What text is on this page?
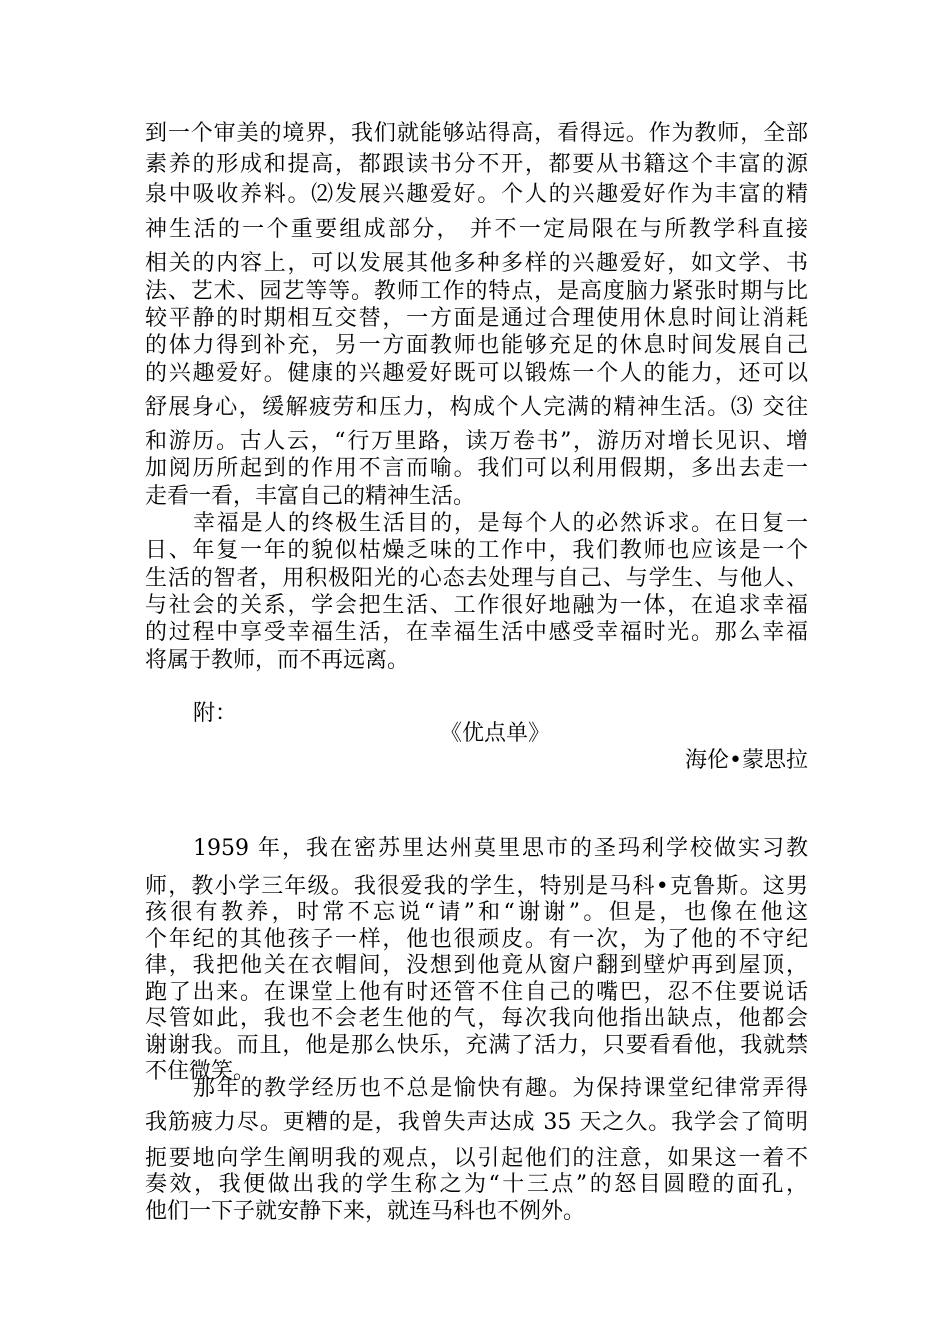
到一个审美的境界，我们就能够站得高，看得远。作为教师，全部
素养的形成和提高，都跟读书分不开，都要从书籍这个丰富的源
泉中吸收养料。⑵发展兴趣爱好。个人的兴趣爱好作为丰富的精
神生活的一个重要组成部分， 并不一定局限在与所教学科直接
相关的内容上，可以发展其他多种多样的兴趣爱好，如文学、书
法、艺术、园艺等等。教师工作的特点，是高度脑力紧张时期与比
较平静的时期相互交替，一方面是通过合理使用休息时间让消耗
的体力得到补充，另一方面教师也能够充足的休息时间发展自己
的兴趣爱好。健康的兴趣爱好既可以锻炼一个人的能力，还可以
舒展身心，缓解疲劳和压力，构成个人完满的精神生活。⑶ 交往
和游历。古人云，“行万里路，读万卷书”，游历对增长见识、增
加阅历所起到的作用不言而喻。我们可以利用假期，多出去走一
走看一看，丰富自己的精神生活。
幸福是人的终极生活目的，是每个人的必然诉求。在日复一
日、年复一年的貌似枯燥乏味的工作中，我们教师也应该是一个
生活的智者，用积极阳光的心态去处理与自己、与学生、与他人、
与社会的关系，学会把生活、工作很好地融为一体，在追求幸福
的过程中享受幸福生活，在幸福生活中感受幸福时光。那么幸福
将属于教师，而不再远离。
附：
《优点单》
海伦•蒙思拉
1959 年，我在密苏里达州莫里思市的圣玛利学校做实习教
师，教小学三年级。我很爱我的学生，特别是马科•克鲁斯。这男
孩很有教养，时常不忘说“请”和“谢谢”。但是，也像在他这
个年纪的其他孩子一样，他也很顽皮。有一次，为了他的不守纪
律，我把他关在衣帽间，没想到他竟从窗户翻到壁炉再到屋顶，
跑了出来。在课堂上他有时还管不住自己的嘴巴，忍不住要说话
尽管如此，我也不会老生他的气，每次我向他指出缺点，他都会
谢谢我。而且，他是那么快乐，充满了活力，只要看看他，我就禁
不住微笑。
那年的教学经历也不总是愉快有趣。为保持课堂纪律常弄得
我筋疲力尽。更糟的是，我曾失声达成 35 天之久。我学会了简明
扼要地向学生阐明我的观点，以引起他们的注意，如果这一着不
奏效，我便做出我的学生称之为“十三点”的怒目圆瞪的面孔，
他们一下子就安静下来，就连马科也不例外。
